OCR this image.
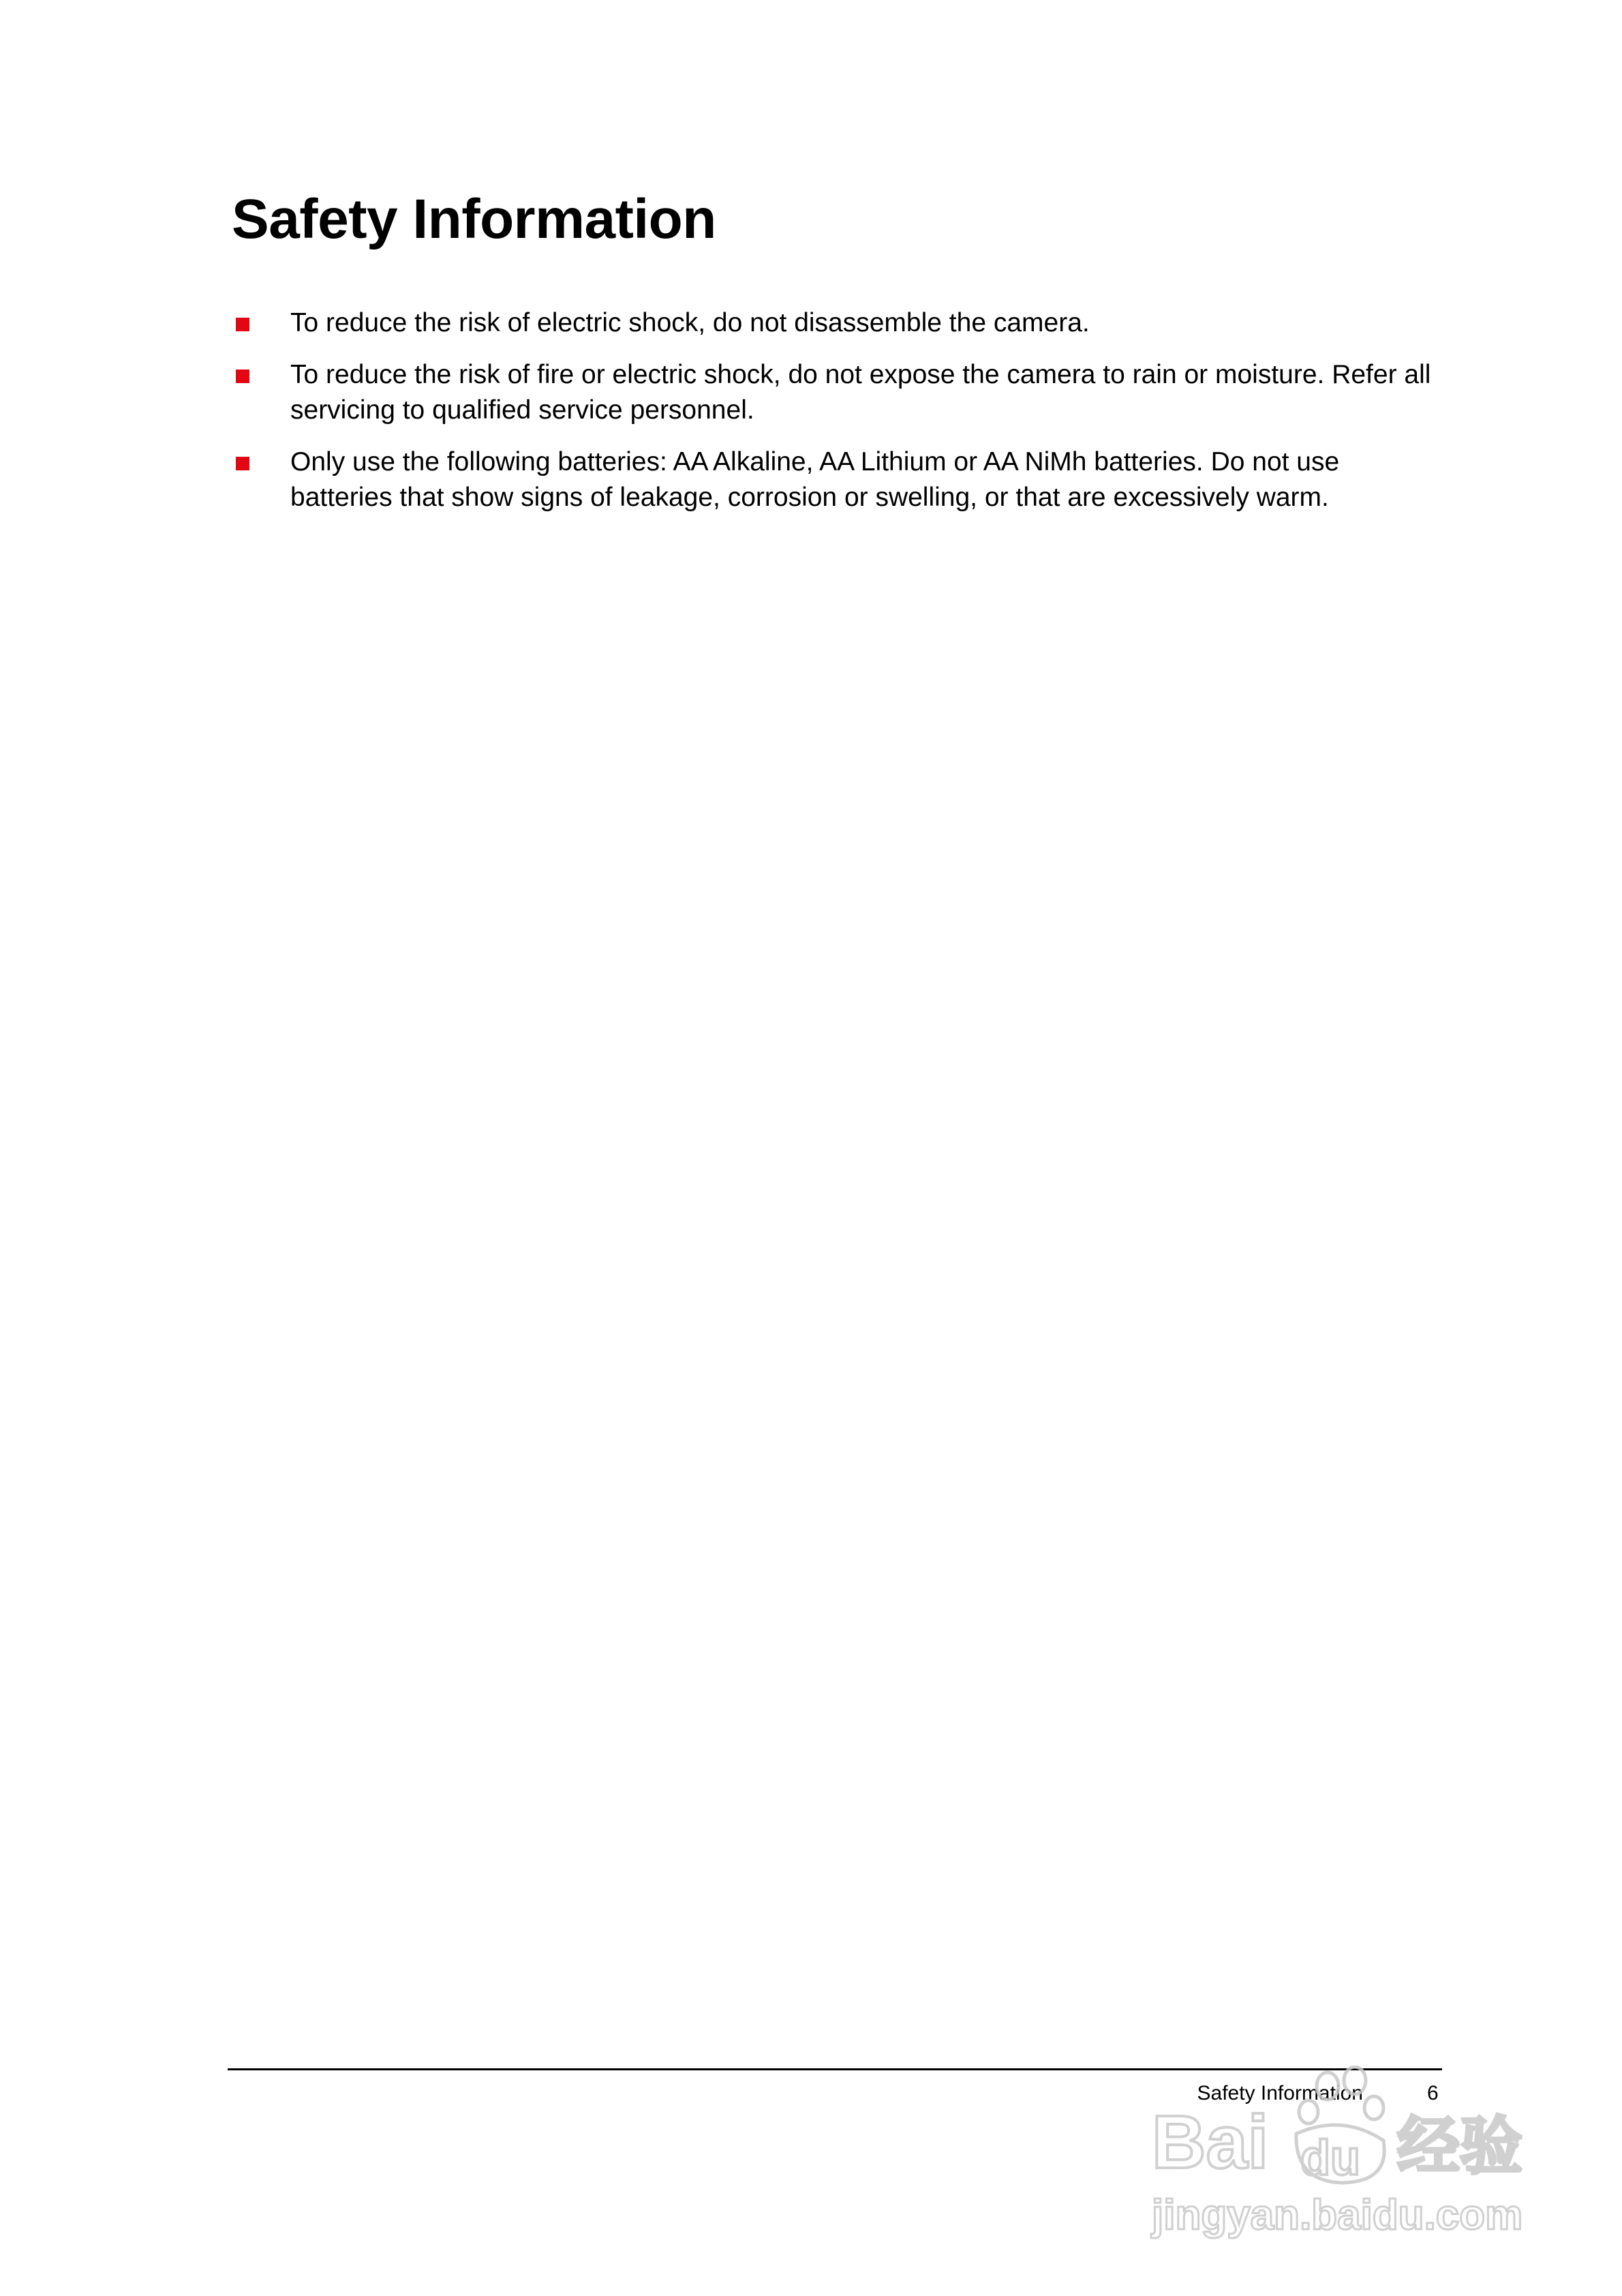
Safety Information
To reduce the risk of electric shock, do not disassemble the camera.
To reduce the risk of fire or electric shock, do not expose the camera to rain or moisture. Refer all servicing to qualified service personnel.
Only use the following batteries: AA Alkaline, AA Lithium or AA NiMh batteries. Do not use batteries that show signs of leakage, corrosion or swelling, or that are excessively warm.
Safety Information	6
Bai du 经验
jingyan.baidu.com
